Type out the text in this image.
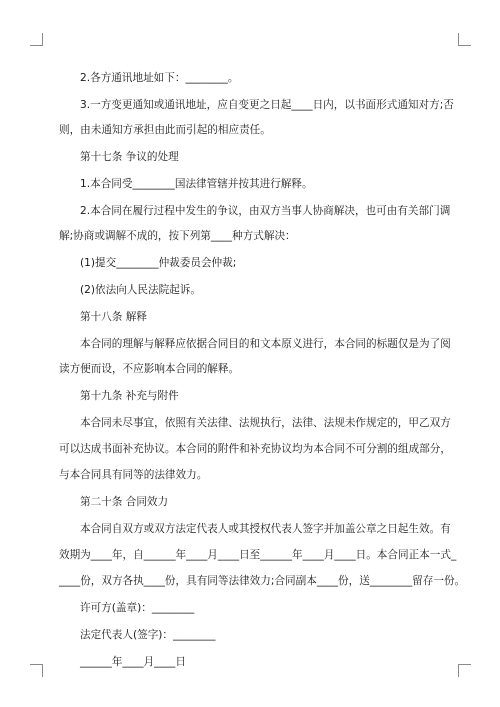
2.各方通讯地址如下：________。
3.一方变更通知或通讯地址，应自变更之日起____日内，以书面形式通知对方;否
则，由未通知方承担由此而引起的相应责任。
第十七条 争议的处理
1.本合同受________国法律管辖并按其进行解释。
2.本合同在履行过程中发生的争议，由双方当事人协商解决，也可由有关部门调
解;协商或调解不成的，按下列第____种方式解决：
(1)提交________仲裁委员会仲裁;
(2)依法向人民法院起诉。
第十八条 解释
本合同的理解与解释应依据合同目的和文本原义进行，本合同的标题仅是为了阅
读方便而设，不应影响本合同的解释。
第十九条 补充与附件
本合同未尽事宜，依照有关法律、法规执行，法律、法规未作规定的，甲乙双方
可以达成书面补充协议。本合同的附件和补充协议均为本合同不可分割的组成部分，
与本合同具有同等的法律效力。
第二十条 合同效力
本合同自双方或双方法定代表人或其授权代表人签字并加盖公章之日起生效。有
效期为____年，自______年____月____日至______年____月____日。本合同正本一式_
____份，双方各执____份，具有同等法律效力;合同副本____份，送________留存一份。
许可方(盖章)：________
法定代表人(签字)：________
______年____月____日
